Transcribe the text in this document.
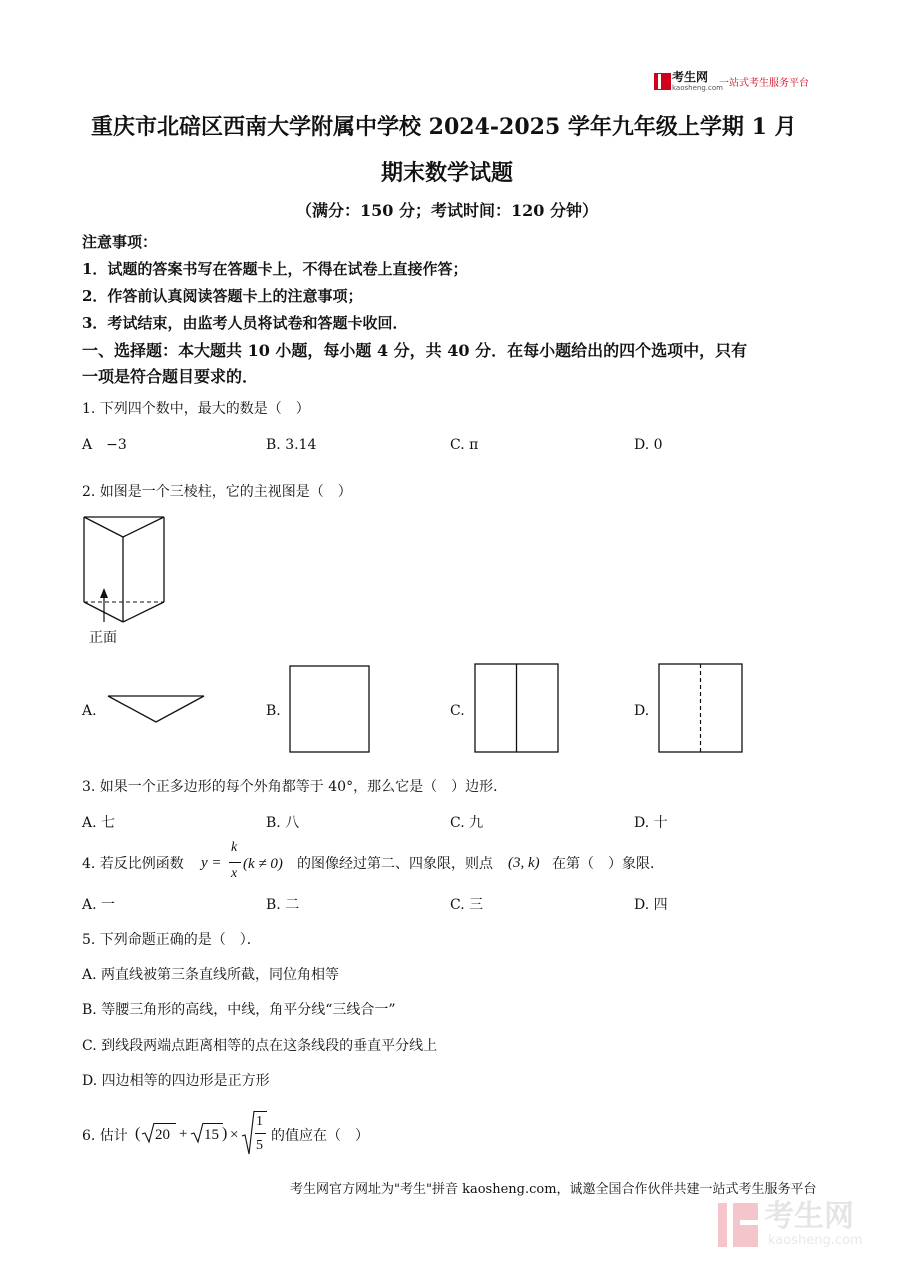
考生网
kaosheng.com
一站式考生服务平台
重庆市北碚区西南大学附属中学校 2024-2025 学年九年级上学期 1 月
期末数学试题
（满分：150 分；考试时间：120 分钟）
注意事项：
1．试题的答案书写在答题卡上，不得在试卷上直接作答；
2．作答前认真阅读答题卡上的注意事项；
3．考试结束，由监考人员将试卷和答题卡收回．
一、选择题：本大题共 10 小题，每小题 4 分，共 40 分．在每小题给出的四个选项中，只有
一项是符合题目要求的．
1. 下列四个数中，最大的数是（　）
A　−3	B. 3.14	C. π	D. 0
2. 如图是一个三棱柱，它的主视图是（　）
正面
A.	B.	C.	D.
3. 如果一个正多边形的每个外角都等于 40°，那么它是（　）边形．
A. 七	B. 八	C. 九	D. 十
4. 若反比例函数 y =
k
x
(k ≠ 0) 的图像经过第二、四象限，则点 (3, k) 在第（　）象限．
A. 一	B. 二	C. 三	D. 四
5. 下列命题正确的是（　）．
A. 两直线被第三条直线所截，同位角相等
B. 等腰三角形的高线，中线，角平分线“三线合一”
C. 到线段两端点距离相等的点在这条线段的垂直平分线上
D. 四边相等的四边形是正方形
6. 估计 ( 20 + 15 ) ×
1
5
的值应在（　）
考生网官方网址为"考生"拼音 kaosheng.com，诚邀全国合作伙伴共建一站式考生服务平台
考生网
kaosheng.com
